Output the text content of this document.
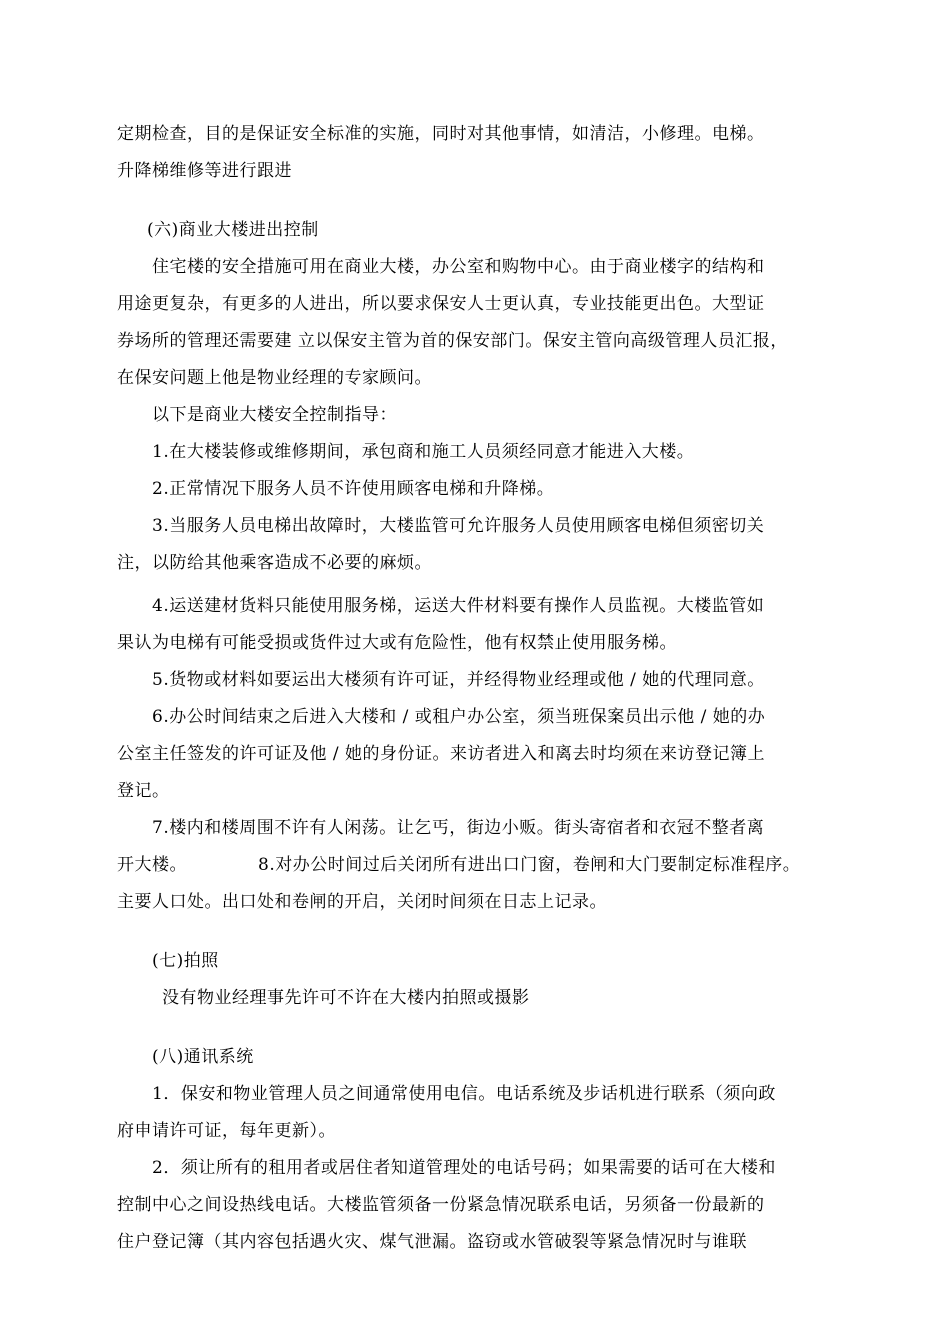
定期检查，目的是保证安全标准的实施，同时对其他事情，如清洁，小修理。电梯。
升降梯维修等进行跟进
(六)商业大楼进出控制
住宅楼的安全措施可用在商业大楼，办公室和购物中心。由于商业楼字的结构和
用途更复杂，有更多的人进出，所以要求保安人士更认真，专业技能更出色。大型证
券场所的管理还需要建 立以保安主管为首的保安部门。保安主管向高级管理人员汇报，
在保安问题上他是物业经理的专家顾问。
以下是商业大楼安全控制指导：
1.在大楼装修或维修期间，承包商和施工人员须经同意才能进入大楼。
2.正常情况下服务人员不许使用顾客电梯和升降梯。
3.当服务人员电梯出故障时，大楼监管可允许服务人员使用顾客电梯但须密切关
注，以防给其他乘客造成不必要的麻烦。
4.运送建材货料只能使用服务梯，运送大件材料要有操作人员监视。大楼监管如
果认为电梯有可能受损或货件过大或有危险性，他有权禁止使用服务梯。
5.货物或材料如要运出大楼须有许可证，并经得物业经理或他 / 她的代理同意。
6.办公时间结束之后进入大楼和 / 或租户办公室，须当班保案员出示他 / 她的办
公室主任签发的许可证及他 / 她的身份证。来访者进入和离去时均须在来访登记簿上
登记。
7.楼内和楼周围不许有人闲荡。让乞丐，街边小贩。街头寄宿者和衣冠不整者离
开大楼。	8.对办公时间过后关闭所有进出口门窗，卷闸和大门要制定标准程序。
主要人口处。出口处和卷闸的开启，关闭时间须在日志上记录。
(七)拍照
没有物业经理事先许可不许在大楼内拍照或摄影
(八)通讯系统
1．保安和物业管理人员之间通常使用电信。电话系统及步话机进行联系（须向政
府申请许可证，每年更新）。
2．须让所有的租用者或居住者知道管理处的电话号码；如果需要的话可在大楼和
控制中心之间设热线电话。大楼监管须备一份紧急情况联系电话，另须备一份最新的
住户登记簿（其内容包括遇火灾、煤气泄漏。盗窃或水管破裂等紧急情况时与谁联
